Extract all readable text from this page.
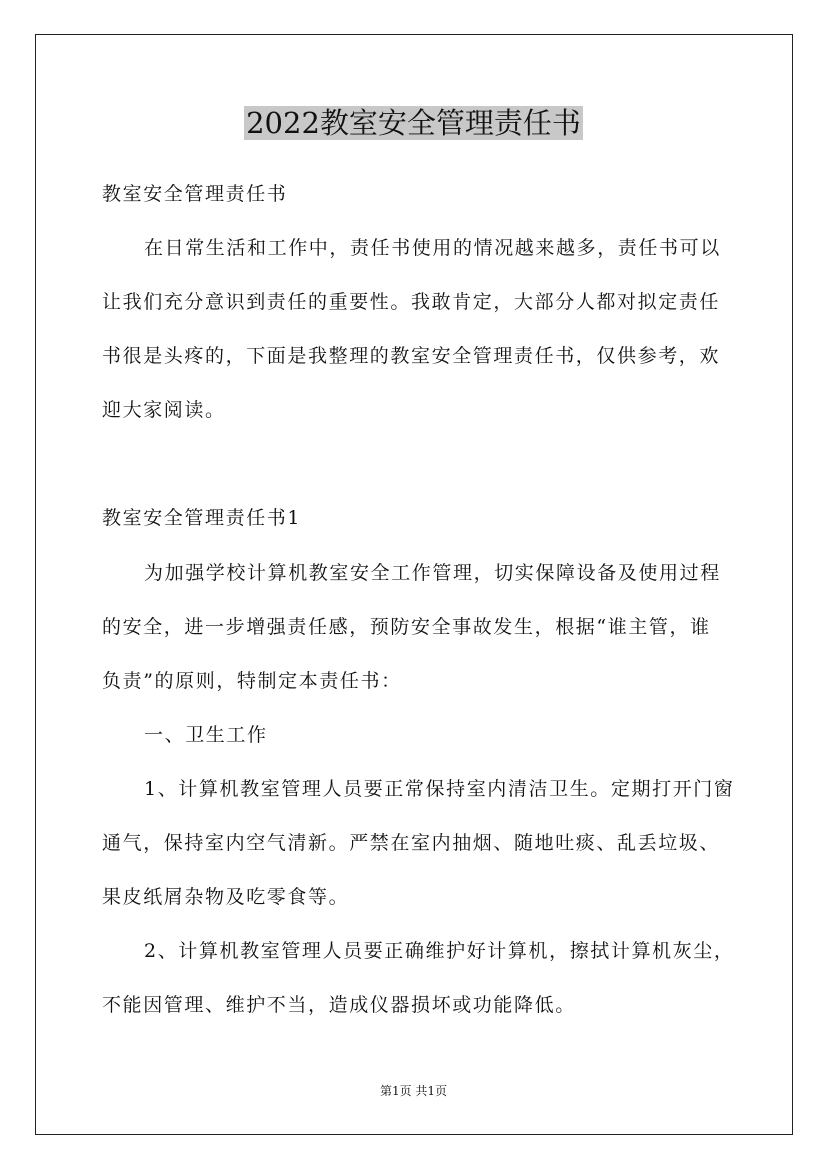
2022教室安全管理责任书
教室安全管理责任书
在日常生活和工作中，责任书使用的情况越来越多，责任书可以
让我们充分意识到责任的重要性。我敢肯定，大部分人都对拟定责任
书很是头疼的，下面是我整理的教室安全管理责任书，仅供参考，欢
迎大家阅读。
教室安全管理责任书1
为加强学校计算机教室安全工作管理，切实保障设备及使用过程
的安全，进一步增强责任感，预防安全事故发生，根据“谁主管，谁
负责”的原则，特制定本责任书：
一、卫生工作
1、计算机教室管理人员要正常保持室内清洁卫生。定期打开门窗
通气，保持室内空气清新。严禁在室内抽烟、随地吐痰、乱丢垃圾、
果皮纸屑杂物及吃零食等。
2、计算机教室管理人员要正确维护好计算机，擦拭计算机灰尘，
不能因管理、维护不当，造成仪器损坏或功能降低。
第1页 共1页
